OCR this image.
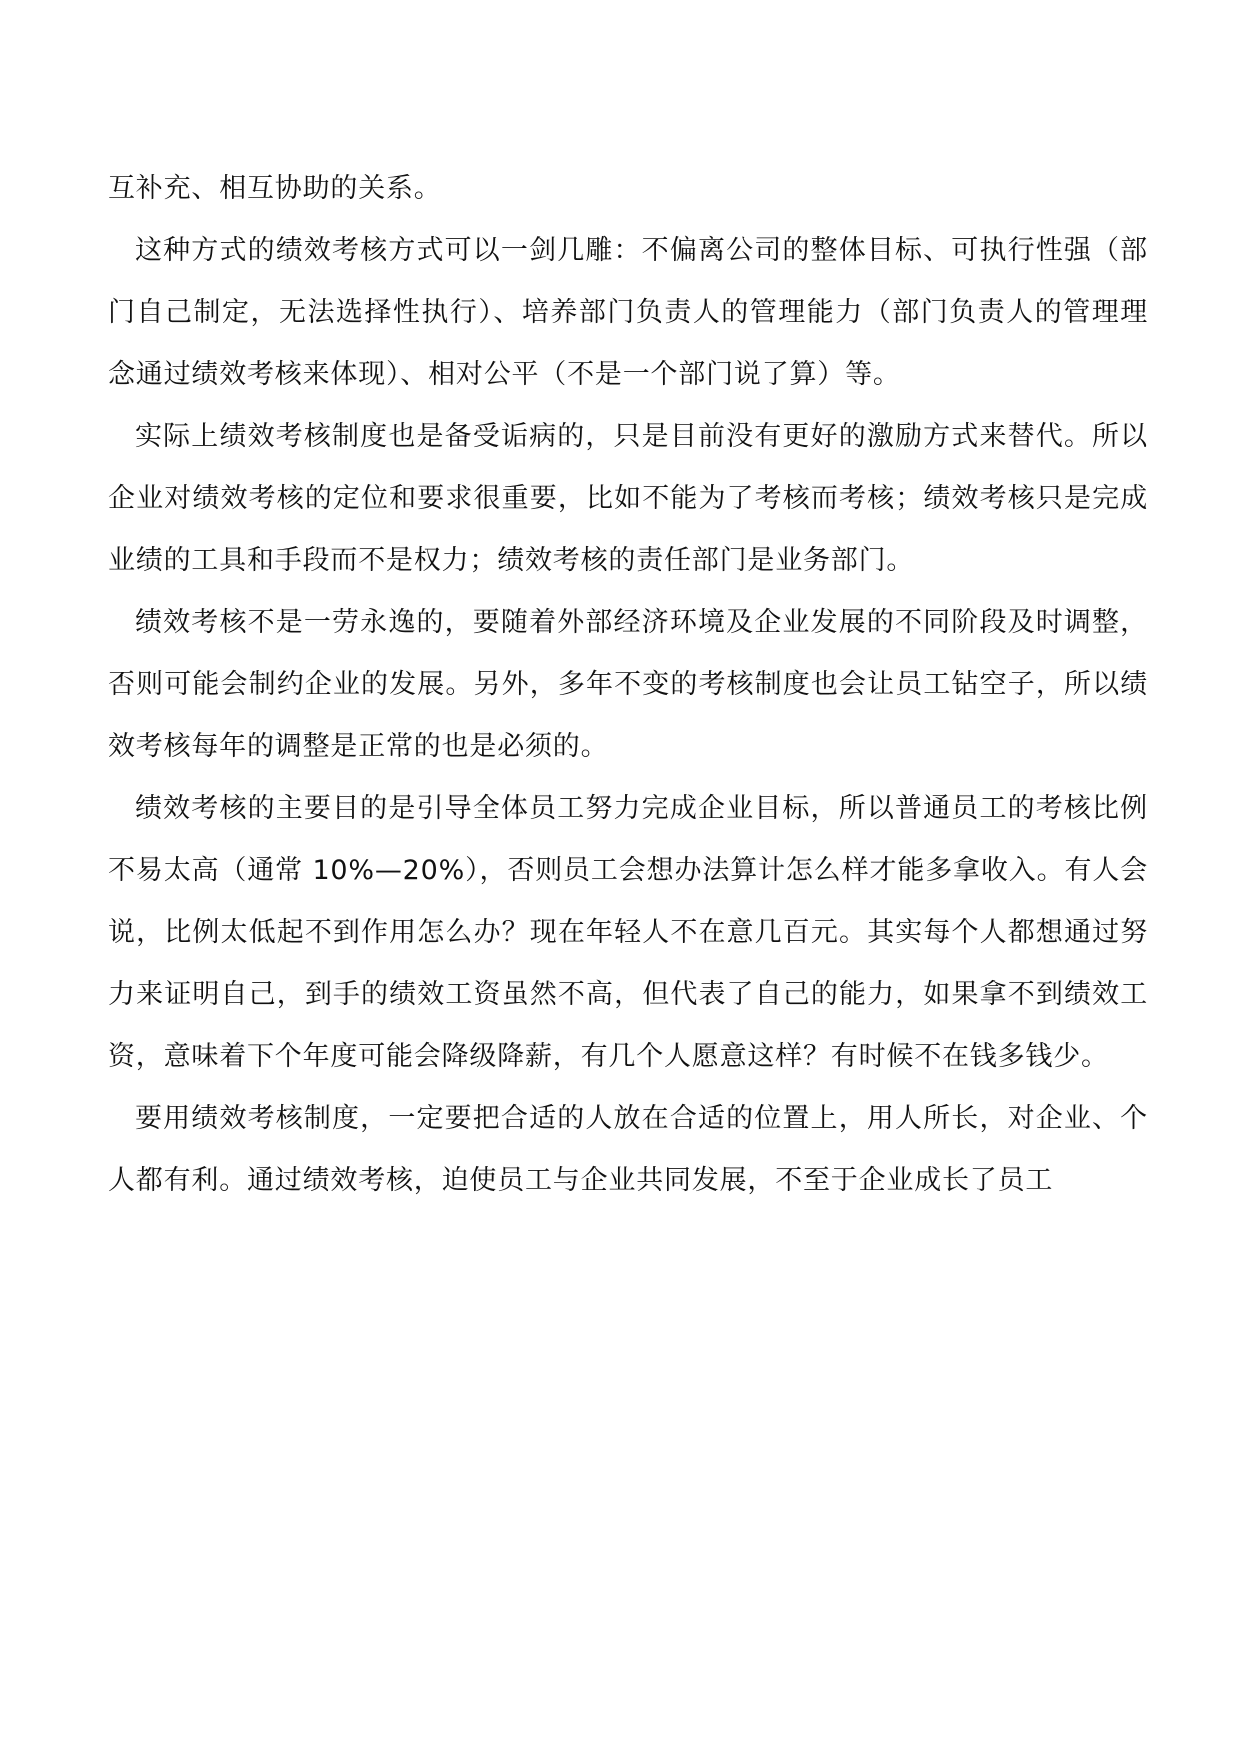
互补充、相互协助的关系。

这种方式的绩效考核方式可以一剑几雕：不偏离公司的整体目标、可执行性强（部门自己制定，无法选择性执行）、培养部门负责人的管理能力（部门负责人的管理理念通过绩效考核来体现）、相对公平（不是一个部门说了算）等。

实际上绩效考核制度也是备受诟病的，只是目前没有更好的激励方式来替代。所以企业对绩效考核的定位和要求很重要，比如不能为了考核而考核；绩效考核只是完成业绩的工具和手段而不是权力；绩效考核的责任部门是业务部门。

绩效考核不是一劳永逸的，要随着外部经济环境及企业发展的不同阶段及时调整，否则可能会制约企业的发展。另外，多年不变的考核制度也会让员工钻空子，所以绩效考核每年的调整是正常的也是必须的。

绩效考核的主要目的是引导全体员工努力完成企业目标，所以普通员工的考核比例不易太高（通常 10%—20%），否则员工会想办法算计怎么样才能多拿收入。有人会说，比例太低起不到作用怎么办？现在年轻人不在意几百元。其实每个人都想通过努力来证明自己，到手的绩效工资虽然不高，但代表了自己的能力，如果拿不到绩效工资，意味着下个年度可能会降级降薪，有几个人愿意这样？有时候不在钱多钱少。

要用绩效考核制度，一定要把合适的人放在合适的位置上，用人所长，对企业、个人都有利。通过绩效考核，迫使员工与企业共同发展，不至于企业成长了员工
